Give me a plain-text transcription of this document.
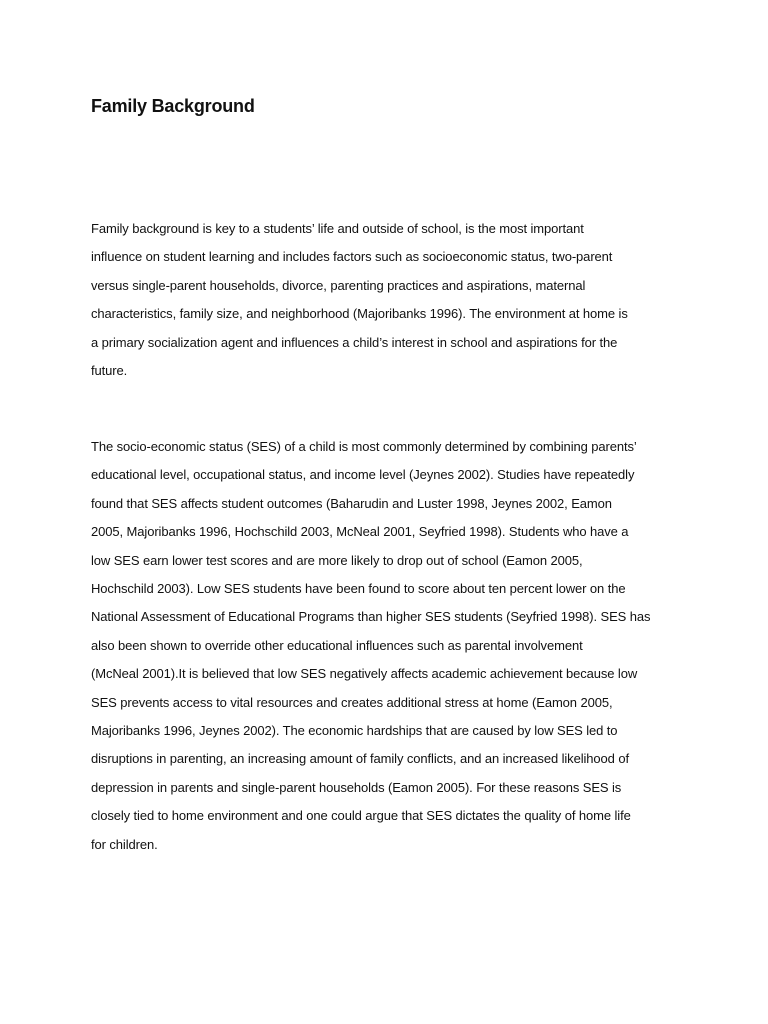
Family Background

Family background is key to a students’ life and outside of school, is the most important
influence on student learning and includes factors such as socioeconomic status, two-parent
versus single-parent households, divorce, parenting practices and aspirations, maternal
characteristics, family size, and neighborhood (Majoribanks 1996). The environment at home is
a primary socialization agent and influences a child’s interest in school and aspirations for the
future.

The socio-economic status (SES) of a child is most commonly determined by combining parents’
educational level, occupational status, and income level (Jeynes 2002). Studies have repeatedly
found that SES affects student outcomes (Baharudin and Luster 1998, Jeynes 2002, Eamon
2005, Majoribanks 1996, Hochschild 2003, McNeal 2001, Seyfried 1998). Students who have a
low SES earn lower test scores and are more likely to drop out of school (Eamon 2005,
Hochschild 2003). Low SES students have been found to score about ten percent lower on the
National Assessment of Educational Programs than higher SES students (Seyfried 1998). SES has
also been shown to override other educational influences such as parental involvement
(McNeal 2001).It is believed that low SES negatively affects academic achievement because low
SES prevents access to vital resources and creates additional stress at home (Eamon 2005,
Majoribanks 1996, Jeynes 2002). The economic hardships that are caused by low SES led to
disruptions in parenting, an increasing amount of family conflicts, and an increased likelihood of
depression in parents and single-parent households (Eamon 2005). For these reasons SES is
closely tied to home environment and one could argue that SES dictates the quality of home life
for children.
